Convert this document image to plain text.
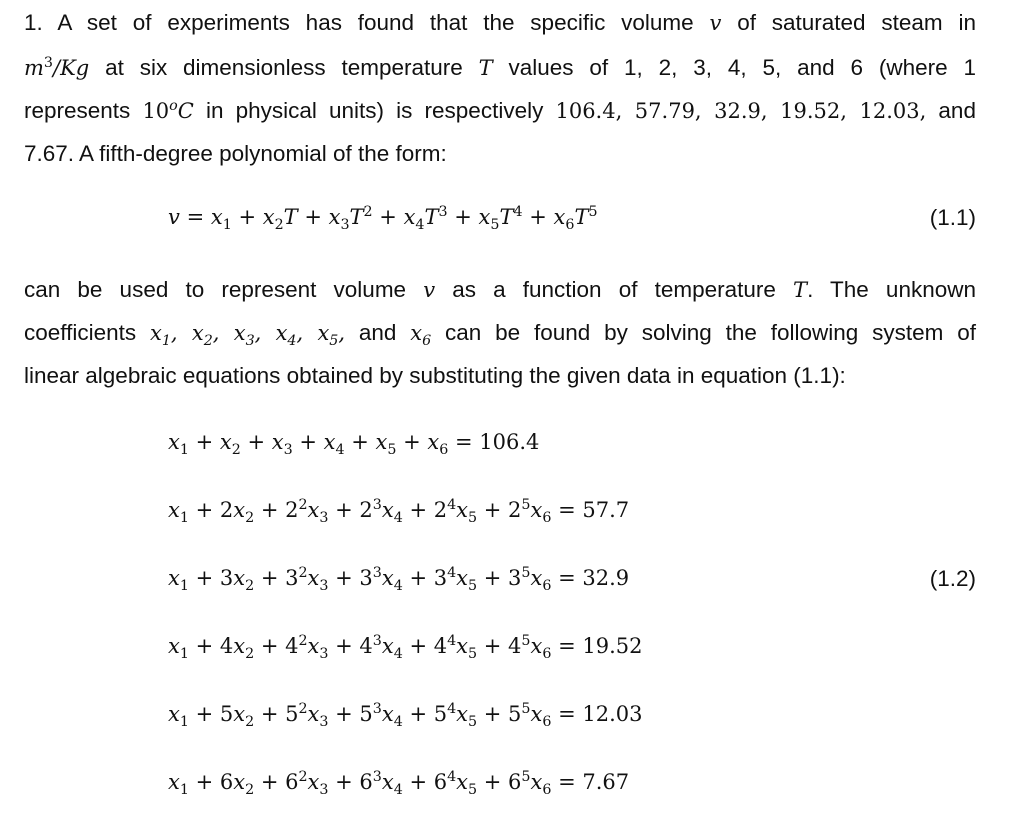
1. A set of experiments has found that the specific volume v of saturated steam in
$m^3/Kg$ at six dimensionless temperature T values of 1, 2, 3, 4, 5, and 6 (where 1
represents 10$^o$C in physical units) is respectively 106.4, 57.79, 32.9, 19.52, 12.03, and
7.67. A fifth-degree polynomial of the form:
$v = x_1 + x_2T + x_3T^2 + x_4T^3 + x_5T^4 + x_6T^5$	(1.1)
can be used to represent volume v as a function of temperature T. The unknown
coefficients $x_1$, $x_2$, $x_3$, $x_4$, $x_5$, and $x_6$ can be found by solving the following system of
linear algebraic equations obtained by substituting the given data in equation (1.1):
$x_1 + x_2 + x_3 + x_4 + x_5 + x_6 = 106.4$
$x_1 + 2x_2 + 2^2x_3 + 2^3x_4 + 2^4x_5 + 2^5x_6 = 57.7$
$x_1 + 3x_2 + 3^2x_3 + 3^3x_4 + 3^4x_5 + 3^5x_6 = 32.9$	(1.2)
$x_1 + 4x_2 + 4^2x_3 + 4^3x_4 + 4^4x_5 + 4^5x_6 = 19.52$
$x_1 + 5x_2 + 5^2x_3 + 5^3x_4 + 5^4x_5 + 5^5x_6 = 12.03$
$x_1 + 6x_2 + 6^2x_3 + 6^3x_4 + 6^4x_5 + 6^5x_6 = 7.67$
